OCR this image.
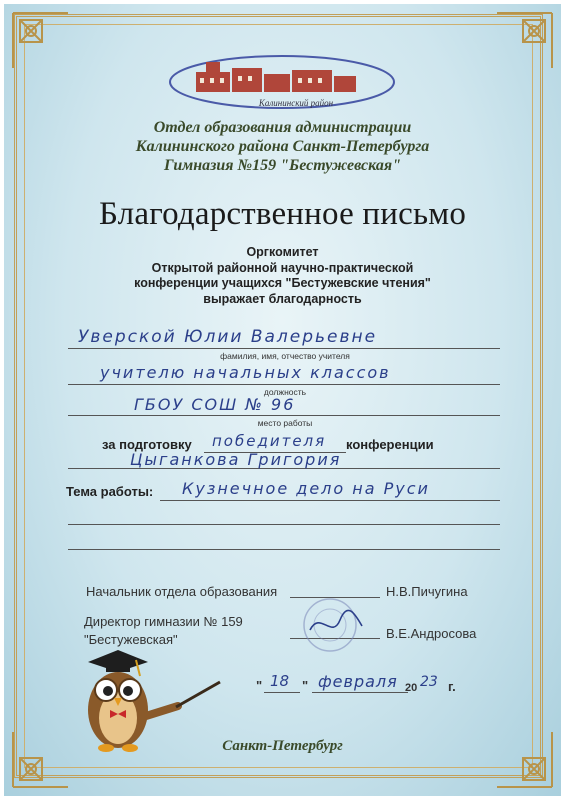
Калининский район
Отдел образования администрации
Калининского района Санкт-Петербурга
Гимназия №159 "Бестужевская"
Благодарственное письмо
Оргкомитет
Открытой районной научно-практической
конференции учащихся "Бестужевские чтения"
выражает благодарность
Уверской Юлии Валерьевне
фамилия, имя, отчество учителя
учителю начальных классов
должность
ГБОУ СОШ № 96
место работы
за подготовку победителя конференции
Цыганкова Григория
Тема работы: Кузнечное дело на Руси
Начальник отдела образования	Н.В.Пичугина
Директор гимназии № 159
"Бестужевская"	В.Е.Андросова
" 18 " февраля 20 23 г.
Санкт-Петербург
